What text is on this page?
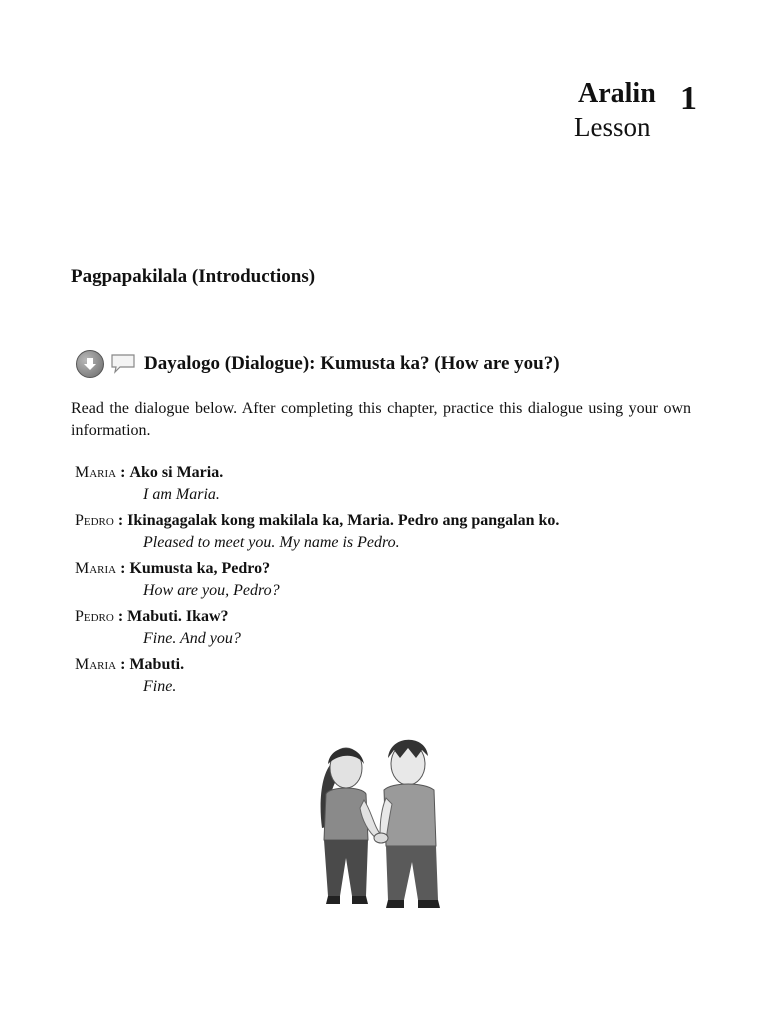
Aralin 1
Lesson
Pagpapakilala (Introductions)
Dayalogo (Dialogue): Kumusta ka? (How are you?)
Read the dialogue below. After completing this chapter, practice this dialogue using your own information.
Maria : Ako si Maria.
I am Maria.
Pedro : Ikinagagalak kong makilala ka, Maria. Pedro ang pangalan ko.
Pleased to meet you. My name is Pedro.
Maria : Kumusta ka, Pedro?
How are you, Pedro?
Pedro : Mabuti. Ikaw?
Fine. And you?
Maria : Mabuti.
Fine.
